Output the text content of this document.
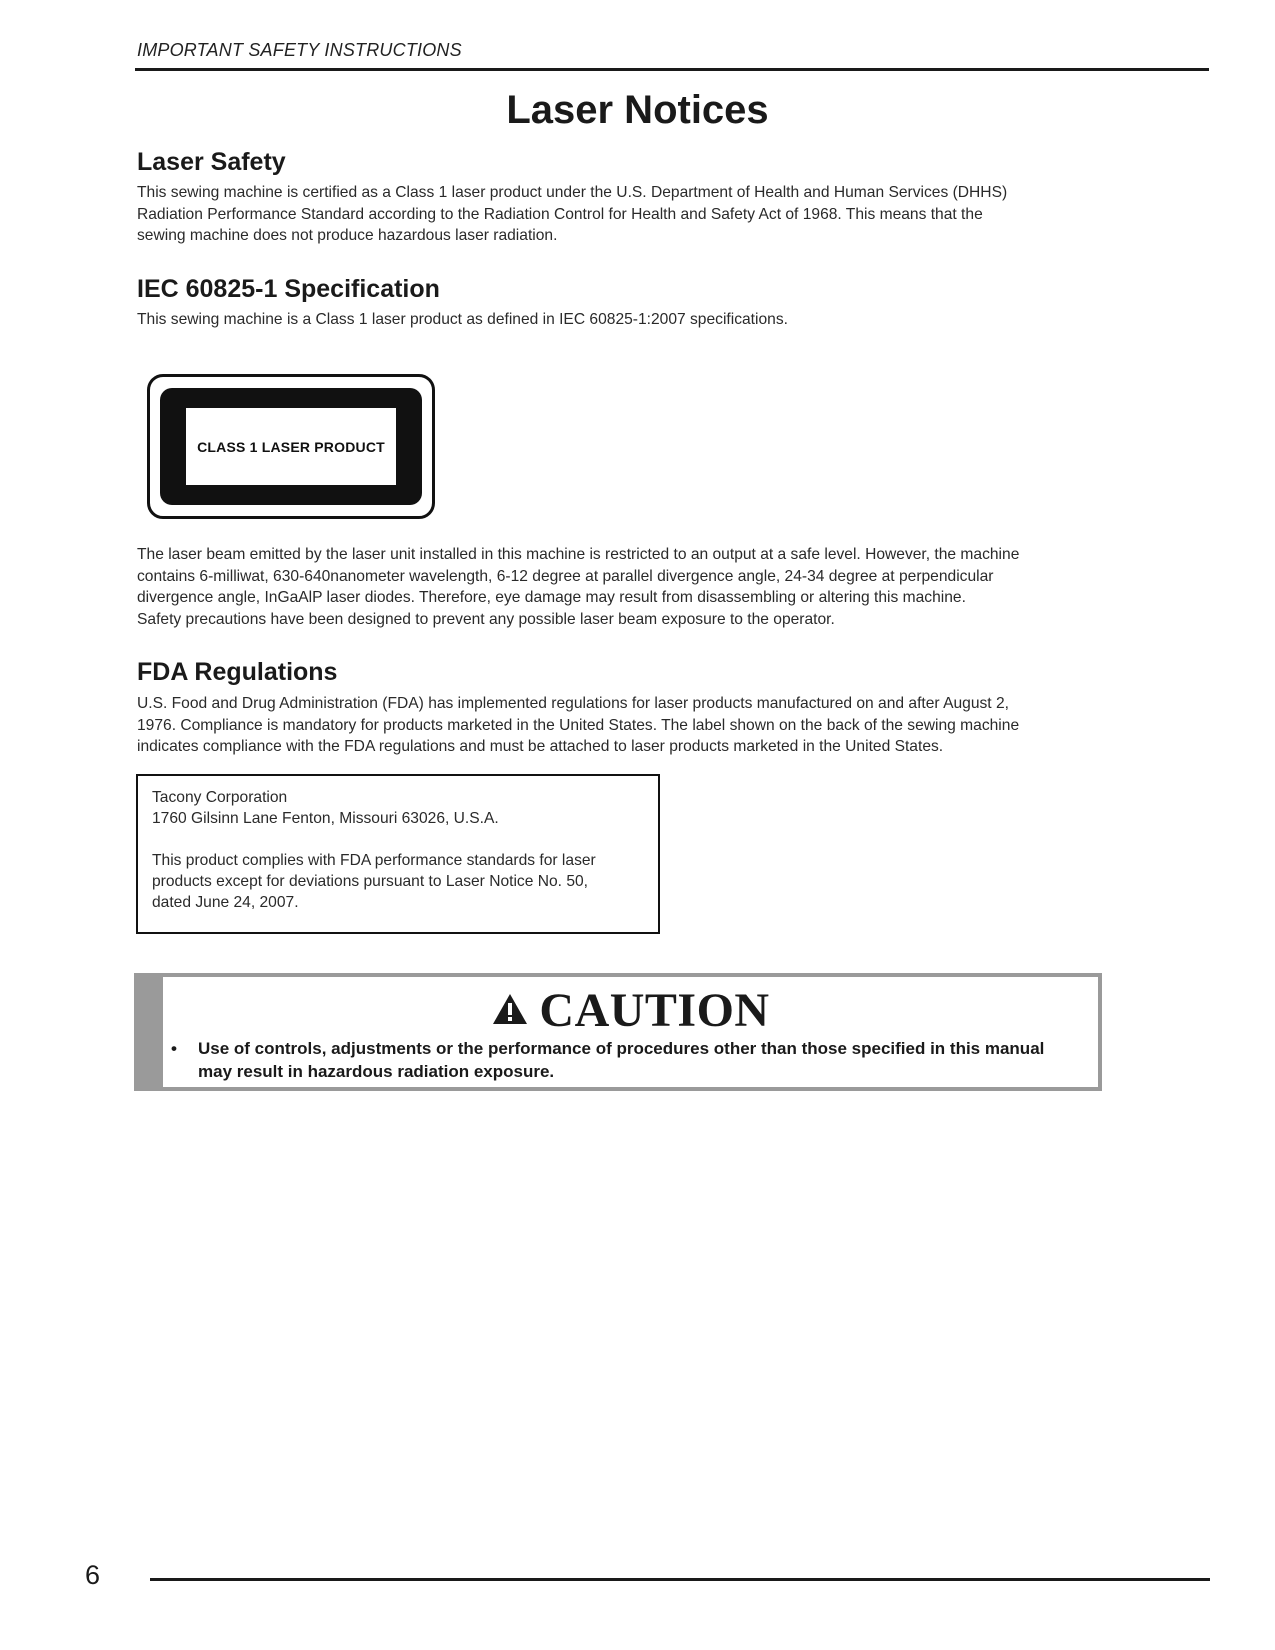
IMPORTANT SAFETY INSTRUCTIONS
Laser Notices
Laser Safety
This sewing machine is certified as a Class 1 laser product under the U.S. Department of Health and Human Services (DHHS)
Radiation Performance Standard according to the Radiation Control for Health and Safety Act of 1968. This means that the
sewing machine does not produce hazardous laser radiation.
IEC 60825-1 Specification
This sewing machine is a Class 1 laser product as defined in IEC 60825-1:2007 specifications.
CLASS 1 LASER PRODUCT
The laser beam emitted by the laser unit installed in this machine is restricted to an output at a safe level. However, the machine
contains 6-milliwat, 630-640nanometer wavelength, 6-12 degree at parallel divergence angle, 24-34 degree at perpendicular
divergence angle, InGaAlP laser diodes. Therefore, eye damage may result from disassembling or altering this machine.
Safety precautions have been designed to prevent any possible laser beam exposure to the operator.
FDA Regulations
U.S. Food and Drug Administration (FDA) has implemented regulations for laser products manufactured on and after August 2,
1976. Compliance is mandatory for products marketed in the United States. The label shown on the back of the sewing machine
indicates compliance with the FDA regulations and must be attached to laser products marketed in the United States.
Tacony Corporation
1760 Gilsinn Lane Fenton, Missouri 63026, U.S.A.
This product complies with FDA performance standards for laser
products except for deviations pursuant to Laser Notice No. 50,
dated June 24, 2007.
CAUTION
• Use of controls, adjustments or the performance of procedures other than those specified in this manual
may result in hazardous radiation exposure.
6
